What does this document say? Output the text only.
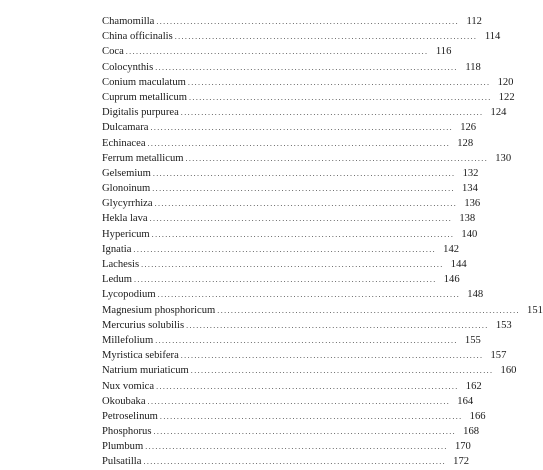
Chamomilla ......................................................................................... 112
China officinalis ......................................................................................... 114
Coca ......................................................................................... 116
Colocynthis ......................................................................................... 118
Conium maculatum ......................................................................................... 120
Cuprum metallicum ......................................................................................... 122
Digitalis purpurea ......................................................................................... 124
Dulcamara ......................................................................................... 126
Echinacea ......................................................................................... 128
Ferrum metallicum ......................................................................................... 130
Gelsemium ......................................................................................... 132
Glonoinum ......................................................................................... 134
Glycyrrhiza ......................................................................................... 136
Hekla lava ......................................................................................... 138
Hypericum ......................................................................................... 140
Ignatia ......................................................................................... 142
Lachesis ......................................................................................... 144
Ledum ......................................................................................... 146
Lycopodium ......................................................................................... 148
Magnesium phosphoricum ......................................................................................... 151
Mercurius solubilis ......................................................................................... 153
Millefolium ......................................................................................... 155
Myristica sebifera ......................................................................................... 157
Natrium muriaticum ......................................................................................... 160
Nux vomica ......................................................................................... 162
Okoubaka ......................................................................................... 164
Petroselinum ......................................................................................... 166
Phosphorus ......................................................................................... 168
Plumbum ......................................................................................... 170
Pulsatilla ......................................................................................... 172
